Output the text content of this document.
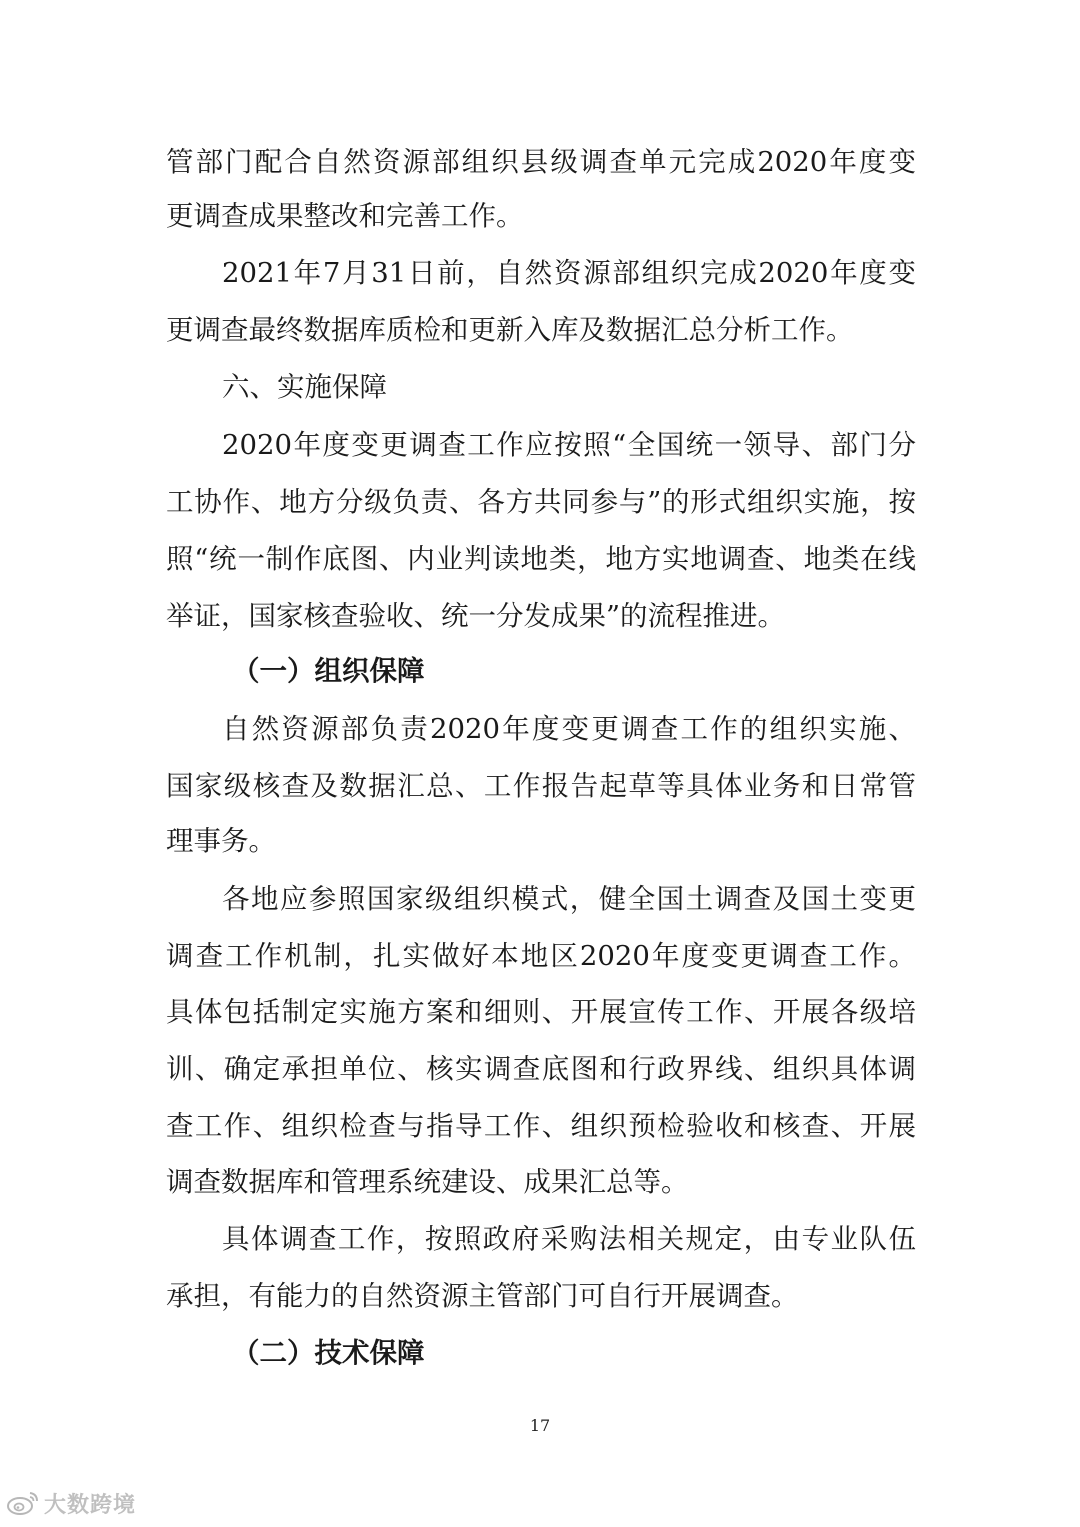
管部门配合自然资源部组织县级调查单元完成2020年度变
更调查成果整改和完善工作。
2021年7月31日前，自然资源部组织完成2020年度变
更调查最终数据库质检和更新入库及数据汇总分析工作。
六、实施保障
2020年度变更调查工作应按照“全国统一领导、部门分
工协作、地方分级负责、各方共同参与”的形式组织实施，按
照“统一制作底图、内业判读地类，地方实地调查、地类在线
举证，国家核查验收、统一分发成果”的流程推进。
（一）组织保障
自然资源部负责2020年度变更调查工作的组织实施、
国家级核查及数据汇总、工作报告起草等具体业务和日常管
理事务。
各地应参照国家级组织模式，健全国土调查及国土变更
调查工作机制，扎实做好本地区2020年度变更调查工作。
具体包括制定实施方案和细则、开展宣传工作、开展各级培
训、确定承担单位、核实调查底图和行政界线、组织具体调
查工作、组织检查与指导工作、组织预检验收和核查、开展
调查数据库和管理系统建设、成果汇总等。
具体调查工作，按照政府采购法相关规定，由专业队伍
承担，有能力的自然资源主管部门可自行开展调查。
（二）技术保障
17
大数跨境
